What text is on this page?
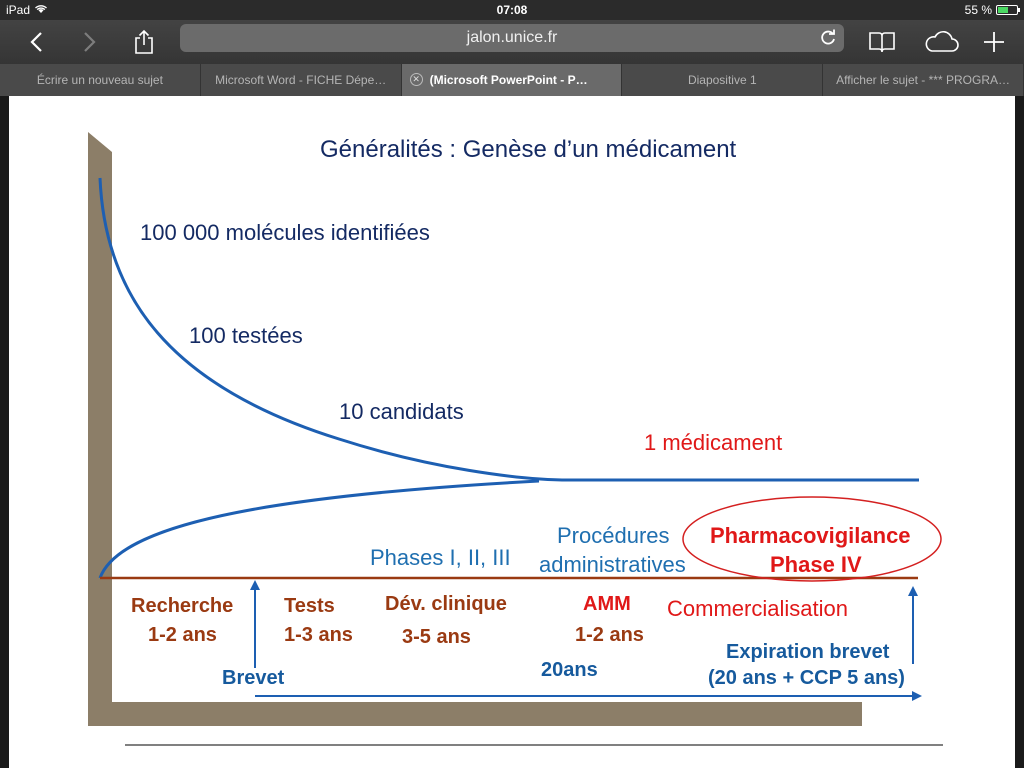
iPad	07:08	55 %
jalon.unice.fr
Écrire un nouveau sujet	Microsoft Word - FICHE Dépe…	✕ (Microsoft PowerPoint - P…	Diapositive 1	Afficher le sujet - *** PROGRA…
Généralités : Genèse d’un médicament
100 000 molécules identifiées
100 testées
10 candidats
1 médicament
Phases I, II, III
Procédures
administratives
Pharmacovigilance
Phase IV
Recherche
1-2 ans
Tests
1-3 ans
Dév. clinique
3-5 ans
AMM
1-2 ans
Commercialisation
Brevet	20ans
Expiration brevet
(20 ans + CCP 5 ans)
